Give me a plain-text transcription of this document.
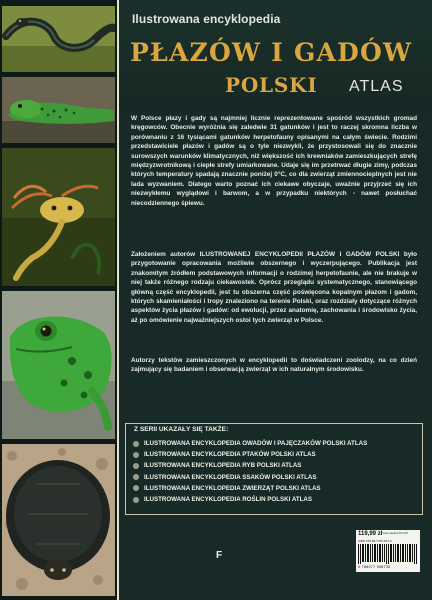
Ilustrowana encyklopedia
PŁAZÓW I GADÓW
POLSKI ATLAS
W Polsce płazy i gady są najmniej licznie reprezentowane spośród wszystkich gromad kręgowców. Obecnie wyróżnia się zaledwie 31 gatunków i jest to raczej skromna liczba w porównaniu z 16 tysiącami gatunków herpetofauny opisanymi na całym świecie. Rodzimi przedstawiciele płazów i gadów są o tyle niezwykli, że przystosowali się do znacznie surowszych warunków klimatycznych, niż większość ich krewniaków zamieszkujących strefę międzyzwrotnikową i ciepłe strefy umiarkowane. Udaje się im przetrwać długie zimy, podczas których temperatury spadają znacznie poniżej 0°C, co dla zwierząt zmiennocieplnych jest nie lada wyzwaniem. Dlatego warto poznać ich ciekawe obyczaje, uważnie przyjrzeć się ich niezwykłemu wyglądowi i barwom, a w przypadku niektórych - nawet posłuchać niecodziennego śpiewu.
Założeniem autorów ILUSTROWANEJ ENCYKLOPEDII PŁAZÓW I GADÓW POLSKI było przygotowanie opracowania możliwie obszernego i wyczerpującego. Publikacja jest znakomitym źródłem podstawowych informacji o rodzimej herpetofaunie, ale nie brakuje w niej także różnego rodzaju ciekawostek. Oprócz przeglądu systematycznego, stanowiącego główną część encyklopedii, jest tu obszerna część poświęcona kopalnym płazom i gadom, których skamieniałości i tropy znaleziono na terenie Polski, oraz rozdziały dotyczące różnych aspektów życia płazów i gadów: od ewolucji, przez anatomię, zachowania i środowisko życia, aż po omówienie najważniejszych ostoi tych zwierząt w Polsce.
Autorzy tekstów zamieszczonych w encyklopedii to doświadczeni zoolodzy, na co dzień zajmujący się badaniem i obserwacją zwierząt w ich naturalnym środowisku.
Z SERII UKAZAŁY SIĘ TAKŻE:
ILUSTROWANA ENCYKLOPEDIA OWADÓW I PAJĘCZAKÓW POLSKI ATLAS
ILUSTROWANA ENCYKLOPEDIA PTAKÓW POLSKI ATLAS
ILUSTROWANA ENCYKLOPEDIA RYB POLSKI ATLAS
ILUSTROWANA ENCYKLOPEDIA SSAKÓW POLSKI ATLAS
ILUSTROWANA ENCYKLOPEDIA ZWIERZĄT POLSKI ATLAS
ILUSTROWANA ENCYKLOPEDIA ROŚLIN POLSKI ATLAS
F
119,99 zł cena zawiera 5% VAT
ISBN 978-83-7705-873-5
9 788377 058735
